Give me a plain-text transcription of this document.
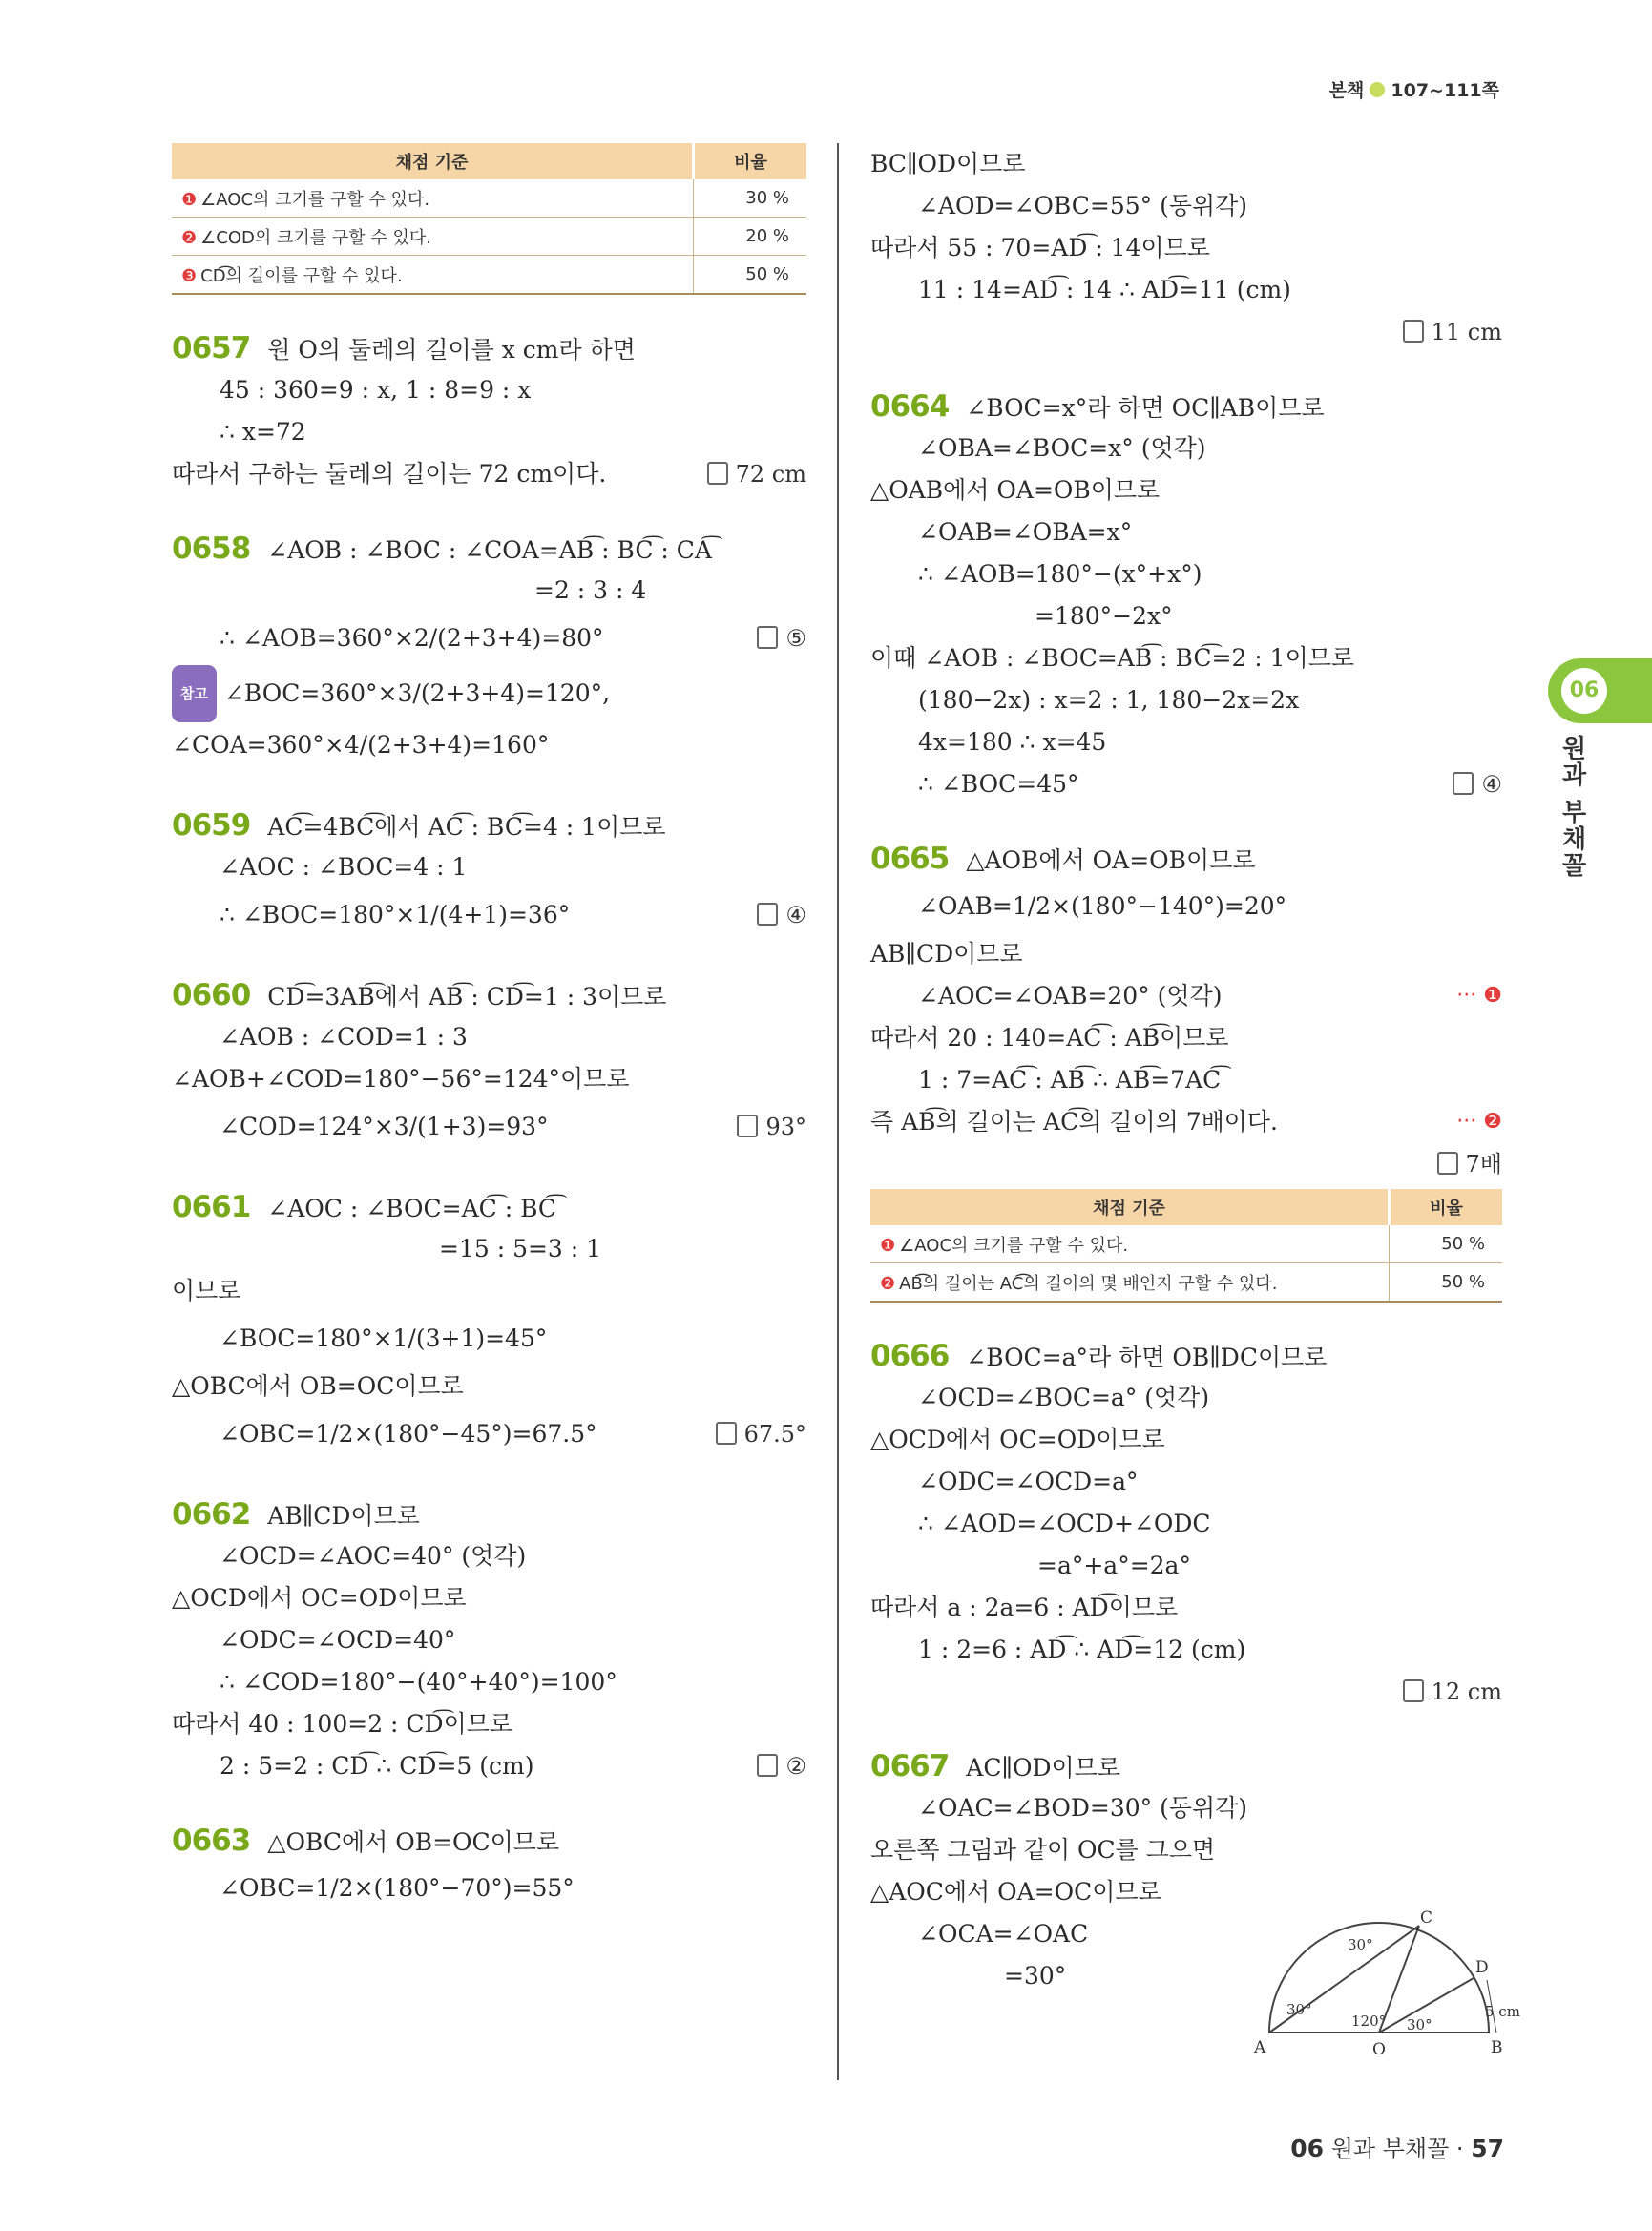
본책 107~111쪽
채점 기준	비율
❶ ∠AOC의 크기를 구할 수 있다.	30 %
❷ ∠COD의 크기를 구할 수 있다.	20 %
❸ CD͡의 길이를 구할 수 있다.	50 %
0657 원 O의 둘레의 길이를 x cm라 하면
45 : 360=9 : x, 1 : 8=9 : x
∴ x=72
따라서 구하는 둘레의 길이는 72 cm이다.	72 cm
0658 ∠AOB : ∠BOC : ∠COA=AB͡ : BC͡ : CA͡
=2 : 3 : 4
∴ ∠AOB=360°×2/(2+3+4)=80°	⑤
참고 ∠BOC=360°×3/(2+3+4)=120°,
∠COA=360°×4/(2+3+4)=160°
0659 AC͡=4BC͡에서 AC͡ : BC͡=4 : 1이므로
∠AOC : ∠BOC=4 : 1
∴ ∠BOC=180°×1/(4+1)=36°	④
0660 CD͡=3AB͡에서 AB͡ : CD͡=1 : 3이므로
∠AOB : ∠COD=1 : 3
∠AOB+∠COD=180°−56°=124°이므로
∠COD=124°×3/(1+3)=93°	93°
0661 ∠AOC : ∠BOC=AC͡ : BC͡
=15 : 5=3 : 1
이므로
∠BOC=180°×1/(3+1)=45°
△OBC에서 OB=OC이므로
∠OBC=1/2×(180°−45°)=67.5°	67.5°
0662 AB∥CD이므로
∠OCD=∠AOC=40° (엇각)
△OCD에서 OC=OD이므로
∠ODC=∠OCD=40°
∴ ∠COD=180°−(40°+40°)=100°
따라서 40 : 100=2 : CD͡이므로
2 : 5=2 : CD͡ ∴ CD͡=5 (cm)	②
0663 △OBC에서 OB=OC이므로
∠OBC=1/2×(180°−70°)=55°
BC∥OD이므로
∠AOD=∠OBC=55° (동위각)
따라서 55 : 70=AD͡ : 14이므로
11 : 14=AD͡ : 14 ∴ AD͡=11 (cm)
11 cm
0664 ∠BOC=x°라 하면 OC∥AB이므로
∠OBA=∠BOC=x° (엇각)
△OAB에서 OA=OB이므로
∠OAB=∠OBA=x°
∴ ∠AOB=180°−(x°+x°)
=180°−2x°
이때 ∠AOB : ∠BOC=AB͡ : BC͡=2 : 1이므로
(180−2x) : x=2 : 1, 180−2x=2x
4x=180 ∴ x=45
∴ ∠BOC=45°	④
0665 △AOB에서 OA=OB이므로
∠OAB=1/2×(180°−140°)=20°
AB∥CD이므로
∠AOC=∠OAB=20° (엇각)	··· ❶
따라서 20 : 140=AC͡ : AB͡이므로
1 : 7=AC͡ : AB͡ ∴ AB͡=7AC͡
즉 AB͡의 길이는 AC͡의 길이의 7배이다.	··· ❷
7배
채점 기준	비율
❶ ∠AOC의 크기를 구할 수 있다.	50 %
❷ AB͡의 길이는 AC͡의 길이의 몇 배인지 구할 수 있다.	50 %
0666 ∠BOC=a°라 하면 OB∥DC이므로
∠OCD=∠BOC=a° (엇각)
△OCD에서 OC=OD이므로
∠ODC=∠OCD=a°
∴ ∠AOD=∠OCD+∠ODC
=a°+a°=2a°
따라서 a : 2a=6 : AD͡이므로
1 : 2=6 : AD͡ ∴ AD͡=12 (cm)
12 cm
0667 AC∥OD이므로
∠OAC=∠BOD=30° (동위각)
오른쪽 그림과 같이 OC를 그으면
△AOC에서 OA=OC이므로
∠OCA=∠OAC
=30°
A	O	B
C
D
30°
30°
120° 30°
5 cm
06
원과 부채꼴
06 원과 부채꼴 · 57
